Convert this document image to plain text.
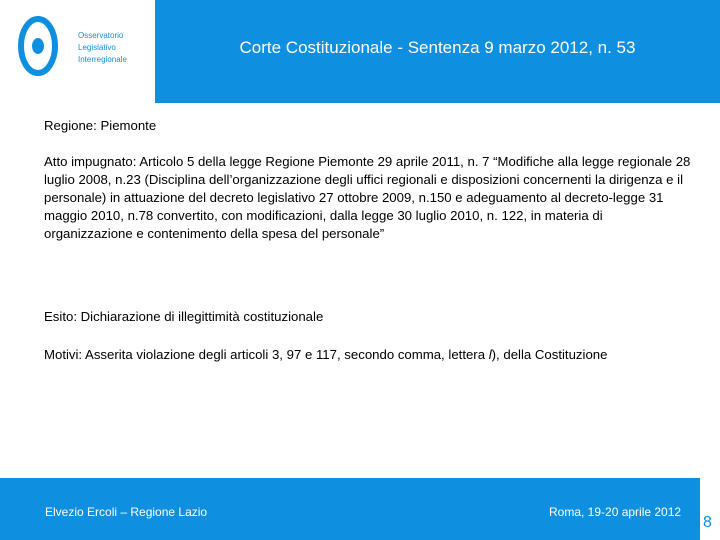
Osservatorio
Legislativo
Interregionale
Corte Costituzionale - Sentenza 9 marzo 2012, n. 53
Regione: Piemonte
Atto impugnato: Articolo 5 della legge Regione Piemonte 29 aprile 2011, n. 7 “Modifiche alla legge regionale 28 luglio 2008, n.23 (Disciplina dell’organizzazione degli uffici regionali e disposizioni concernenti la dirigenza e il personale) in attuazione del decreto legislativo 27 ottobre 2009, n.150 e adeguamento al decreto-legge 31 maggio 2010, n.78 convertito, con modificazioni, dalla legge 30 luglio 2010, n. 122, in materia di organizzazione e contenimento della spesa del personale”
Esito: Dichiarazione di illegittimità costituzionale
Motivi: Asserita violazione degli articoli 3, 97 e 117, secondo comma, lettera l), della Costituzione
Elvezio Ercoli – Regione Lazio	Roma, 19-20 aprile 2012
8
